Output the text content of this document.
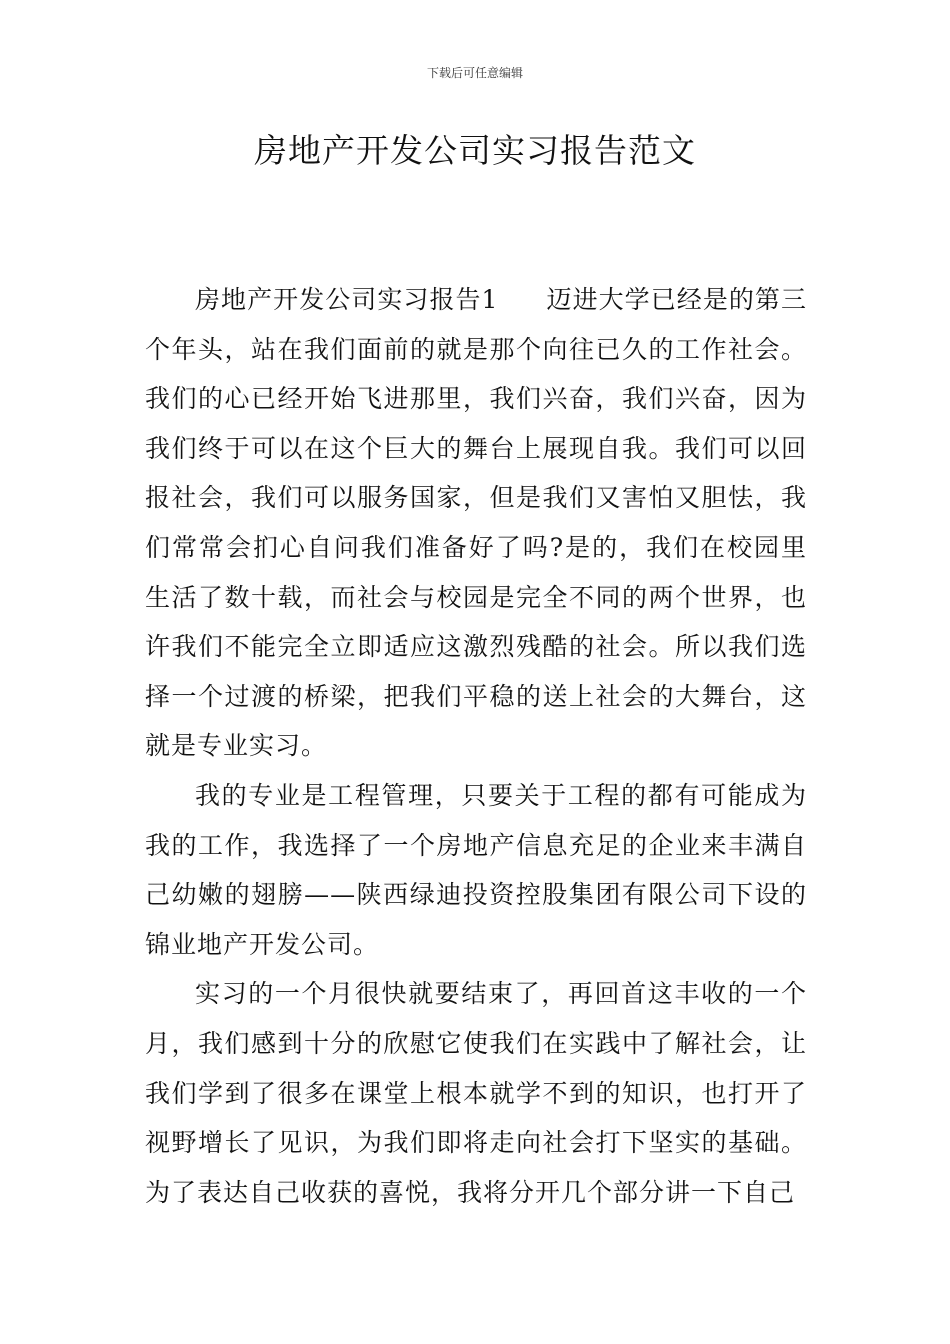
下载后可任意编辑
房地产开发公司实习报告范文

房地产开发公司实习报告1 迈进大学已经是的第三个年头，站在我们面前的就是那个向往已久的工作社会。我们的心已经开始飞进那里，我们兴奋，我们兴奋，因为我们终于可以在这个巨大的舞台上展现自我。我们可以回报社会，我们可以服务国家，但是我们又害怕又胆怯，我们常常会扪心自问我们准备好了吗?是的，我们在校园里生活了数十载，而社会与校园是完全不同的两个世界，也许我们不能完全立即适应这激烈残酷的社会。所以我们选择一个过渡的桥梁，把我们平稳的送上社会的大舞台，这就是专业实习。

我的专业是工程管理，只要关于工程的都有可能成为我的工作，我选择了一个房地产信息充足的企业来丰满自己幼嫩的翅膀——陕西绿迪投资控股集团有限公司下设的锦业地产开发公司。

实习的一个月很快就要结束了，再回首这丰收的一个月，我们感到十分的欣慰它使我们在实践中了解社会，让我们学到了很多在课堂上根本就学不到的知识，也打开了视野增长了见识，为我们即将走向社会打下坚实的基础。为了表达自己收获的喜悦，我将分开几个部分讲一下自己
